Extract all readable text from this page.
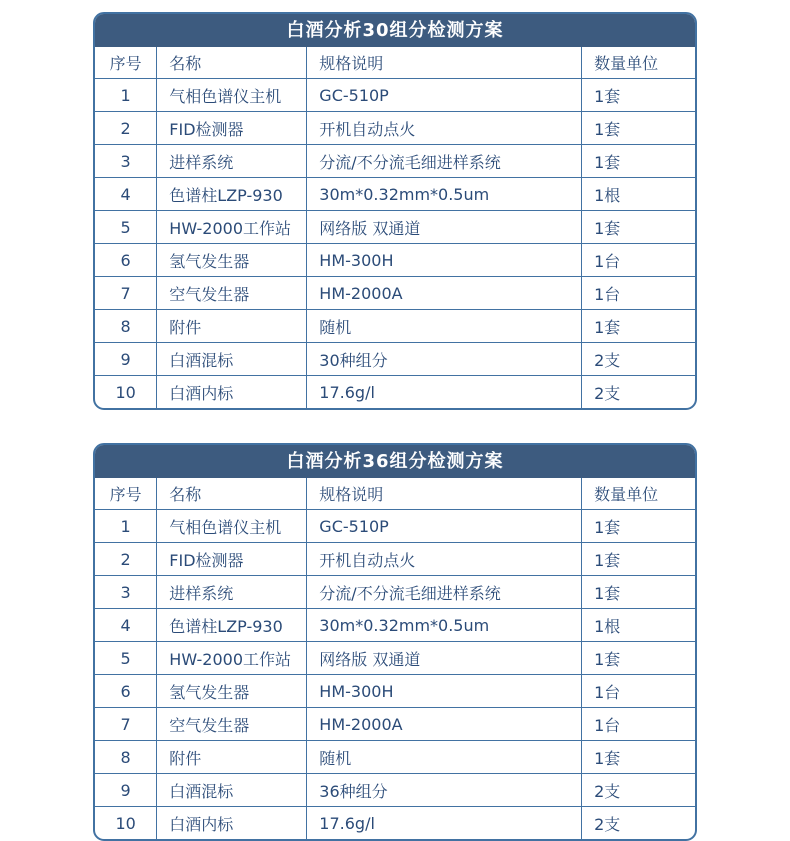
白酒分析30组分检测方案
序号	名称	规格说明	数量单位
1	气相色谱仪主机	GC-510P	1套
2	FID检测器	开机自动点火	1套
3	进样系统	分流/不分流毛细进样系统	1套
4	色谱柱LZP-930	30m*0.32mm*0.5um	1根
5	HW-2000工作站	网络版 双通道	1套
6	氢气发生器	HM-300H	1台
7	空气发生器	HM-2000A	1台
8	附件	随机	1套
9	白酒混标	30种组分	2支
10	白酒内标	17.6g/l	2支
白酒分析36组分检测方案
序号	名称	规格说明	数量单位
1	气相色谱仪主机	GC-510P	1套
2	FID检测器	开机自动点火	1套
3	进样系统	分流/不分流毛细进样系统	1套
4	色谱柱LZP-930	30m*0.32mm*0.5um	1根
5	HW-2000工作站	网络版 双通道	1套
6	氢气发生器	HM-300H	1台
7	空气发生器	HM-2000A	1台
8	附件	随机	1套
9	白酒混标	36种组分	2支
10	白酒内标	17.6g/l	2支
